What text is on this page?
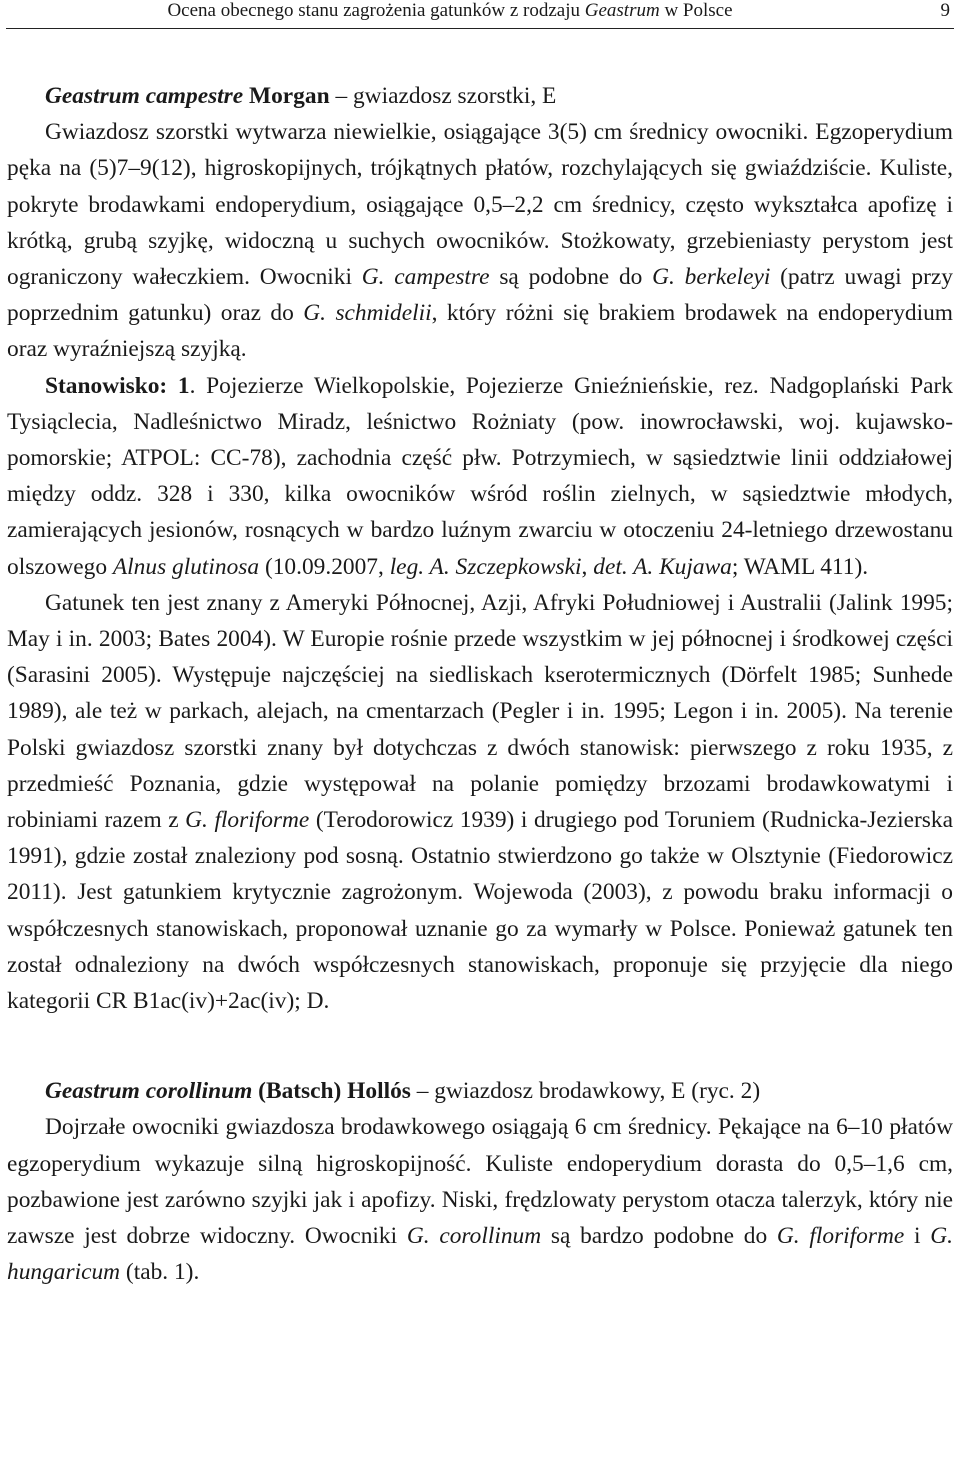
Ocena obecnego stanu zagrożenia gatunków z rodzaju Geastrum w Polsce	9

Geastrum campestre Morgan – gwiazdosz szorstki, E

Gwiazdosz szorstki wytwarza niewielkie, osiągające 3(5) cm średnicy owocniki. Egzoperydium pęka na (5)7–9(12), higroskopijnych, trójkątnych płatów, rozchylających się gwiaździście. Kuliste, pokryte brodawkami endoperydium, osiągające 0,5–2,2 cm średnicy, często wykształca apofizę i krótką, grubą szyjkę, widoczną u suchych owocników. Stożkowaty, grzebieniasty perystom jest ograniczony wałeczkiem. Owocniki G. campestre są podobne do G. berkeleyi (patrz uwagi przy poprzednim gatunku) oraz do G. schmidelii, który różni się brakiem brodawek na endoperydium oraz wyraźniejszą szyjką.

Stanowisko: 1. Pojezierze Wielkopolskie, Pojezierze Gnieźnieńskie, rez. Nadgoplański Park Tysiąclecia, Nadleśnictwo Miradz, leśnictwo Rożniaty (pow. inowrocławski, woj. kujawsko-pomorskie; ATPOL: CC-78), zachodnia część płw. Potrzymiech, w sąsiedztwie linii oddziałowej między oddz. 328 i 330, kilka owocników wśród roślin zielnych, w sąsiedztwie młodych, zamierających jesionów, rosnących w bardzo luźnym zwarciu w otoczeniu 24-letniego drzewostanu olszowego Alnus glutinosa (10.09.2007, leg. A. Szczepkowski, det. A. Kujawa; WAML 411).

Gatunek ten jest znany z Ameryki Północnej, Azji, Afryki Południowej i Australii (Jalink 1995; May i in. 2003; Bates 2004). W Europie rośnie przede wszystkim w jej północnej i środkowej części (Sarasini 2005). Występuje najczęściej na siedliskach kserotermicznych (Dörfelt 1985; Sunhede 1989), ale też w parkach, alejach, na cmentarzach (Pegler i in. 1995; Legon i in. 2005). Na terenie Polski gwiazdosz szorstki znany był dotychczas z dwóch stanowisk: pierwszego z roku 1935, z przedmieść Poznania, gdzie występował na polanie pomiędzy brzozami brodawkowatymi i robiniami razem z G. floriforme (Terodorowicz 1939) i drugiego pod Toruniem (Rudnicka-Jezierska 1991), gdzie został znaleziony pod sosną. Ostatnio stwierdzono go także w Olsztynie (Fiedorowicz 2011). Jest gatunkiem krytycznie zagrożonym. Wojewoda (2003), z powodu braku informacji o współczesnych stanowiskach, proponował uznanie go za wymarły w Polsce. Ponieważ gatunek ten został odnaleziony na dwóch współczesnych stanowiskach, proponuje się przyjęcie dla niego kategorii CR B1ac(iv)+2ac(iv); D.

Geastrum corollinum (Batsch) Hollós – gwiazdosz brodawkowy, E (ryc. 2)

Dojrzałe owocniki gwiazdosza brodawkowego osiągają 6 cm średnicy. Pękające na 6–10 płatów egzoperydium wykazuje silną higroskopijność. Kuliste endoperydium dorasta do 0,5–1,6 cm, pozbawione jest zarówno szyjki jak i apofizy. Niski, frędzlowaty perystom otacza talerzyk, który nie zawsze jest dobrze widoczny. Owocniki G. corollinum są bardzo podobne do G. floriforme i G. hungaricum (tab. 1).
